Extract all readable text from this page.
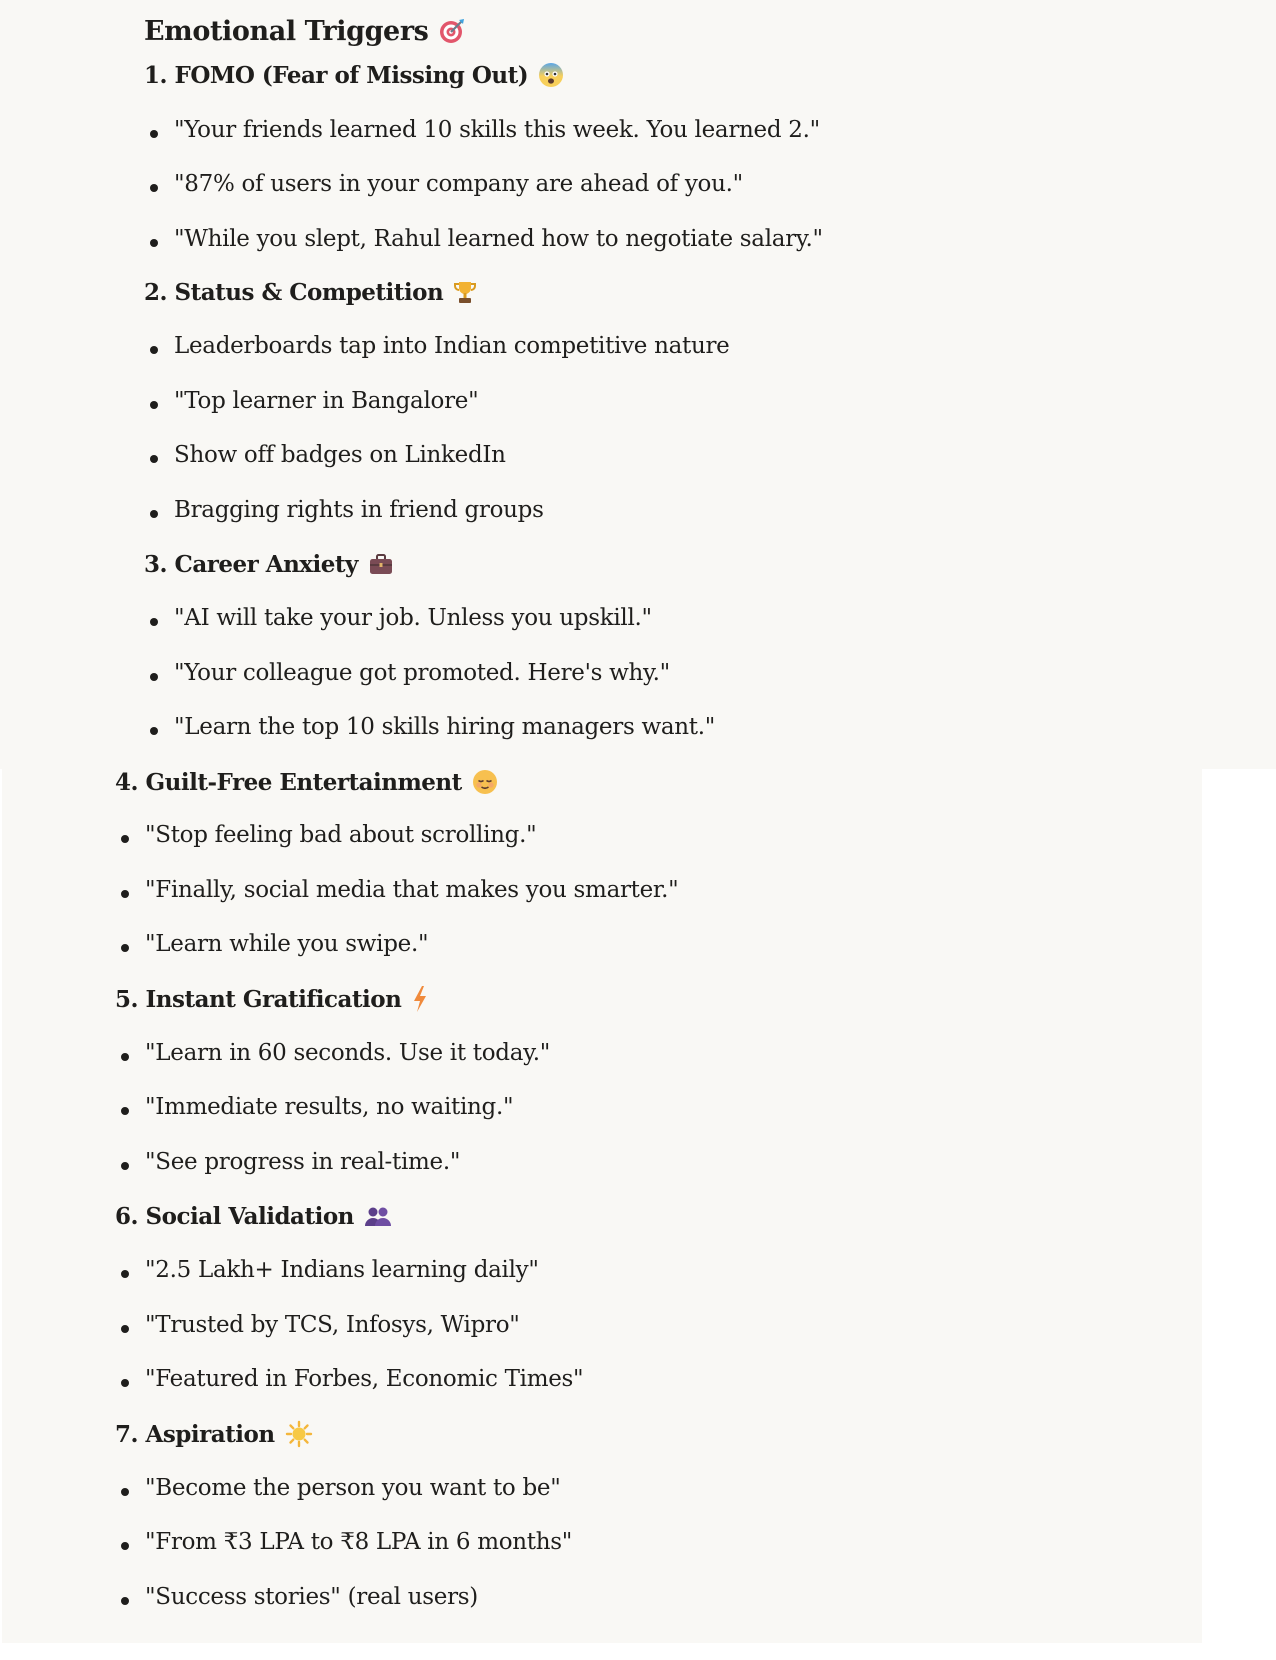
Emotional Triggers
1. FOMO (Fear of Missing Out)
"Your friends learned 10 skills this week. You learned 2."
"87% of users in your company are ahead of you."
"While you slept, Rahul learned how to negotiate salary."
2. Status & Competition
Leaderboards tap into Indian competitive nature
"Top learner in Bangalore"
Show off badges on LinkedIn
Bragging rights in friend groups
3. Career Anxiety
"AI will take your job. Unless you upskill."
"Your colleague got promoted. Here's why."
"Learn the top 10 skills hiring managers want."
4. Guilt-Free Entertainment
"Stop feeling bad about scrolling."
"Finally, social media that makes you smarter."
"Learn while you swipe."
5. Instant Gratification
"Learn in 60 seconds. Use it today."
"Immediate results, no waiting."
"See progress in real-time."
6. Social Validation
"2.5 Lakh+ Indians learning daily"
"Trusted by TCS, Infosys, Wipro"
"Featured in Forbes, Economic Times"
7. Aspiration
"Become the person you want to be"
"From ₹3 LPA to ₹8 LPA in 6 months"
"Success stories" (real users)
